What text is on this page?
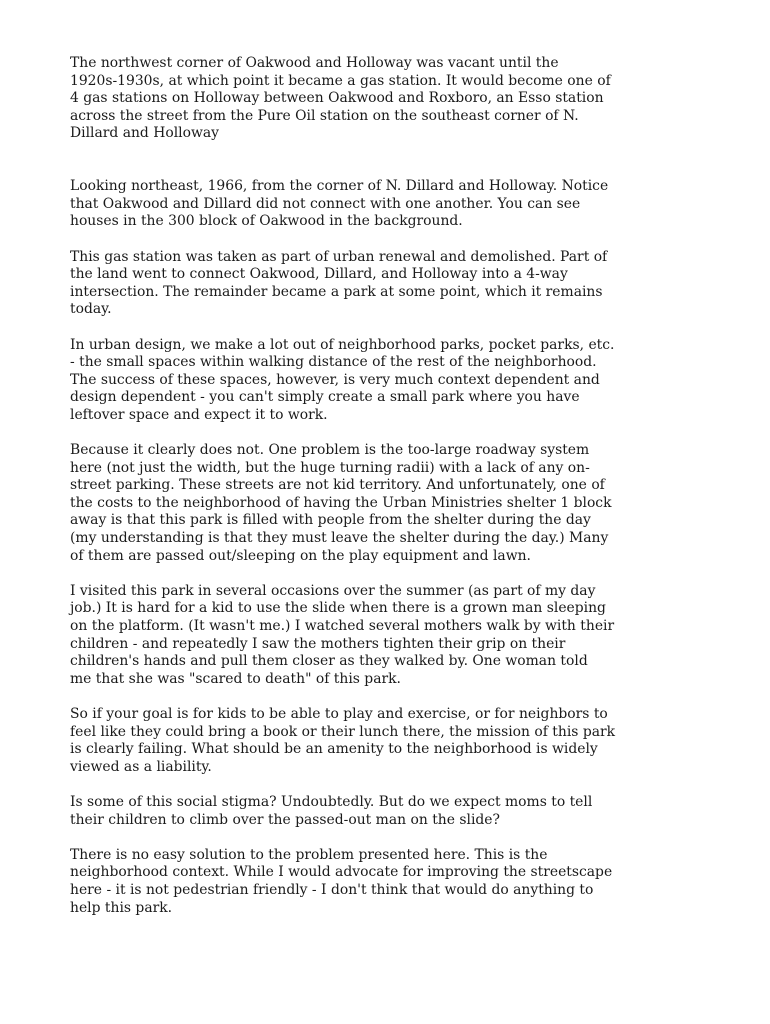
The northwest corner of Oakwood and Holloway was vacant until the
1920s-1930s, at which point it became a gas station. It would become one of
4 gas stations on Holloway between Oakwood and Roxboro, an Esso station
across the street from the Pure Oil station on the southeast corner of N.
Dillard and Holloway

Looking northeast, 1966, from the corner of N. Dillard and Holloway. Notice
that Oakwood and Dillard did not connect with one another. You can see
houses in the 300 block of Oakwood in the background.

This gas station was taken as part of urban renewal and demolished. Part of
the land went to connect Oakwood, Dillard, and Holloway into a 4-way
intersection. The remainder became a park at some point, which it remains
today.

In urban design, we make a lot out of neighborhood parks, pocket parks, etc.
- the small spaces within walking distance of the rest of the neighborhood.
The success of these spaces, however, is very much context dependent and
design dependent - you can't simply create a small park where you have
leftover space and expect it to work.

Because it clearly does not. One problem is the too-large roadway system
here (not just the width, but the huge turning radii) with a lack of any on-
street parking. These streets are not kid territory. And unfortunately, one of
the costs to the neighborhood of having the Urban Ministries shelter 1 block
away is that this park is filled with people from the shelter during the day
(my understanding is that they must leave the shelter during the day.) Many
of them are passed out/sleeping on the play equipment and lawn.

I visited this park in several occasions over the summer (as part of my day
job.) It is hard for a kid to use the slide when there is a grown man sleeping
on the platform. (It wasn't me.) I watched several mothers walk by with their
children - and repeatedly I saw the mothers tighten their grip on their
children's hands and pull them closer as they walked by. One woman told
me that she was "scared to death" of this park.

So if your goal is for kids to be able to play and exercise, or for neighbors to
feel like they could bring a book or their lunch there, the mission of this park
is clearly failing. What should be an amenity to the neighborhood is widely
viewed as a liability.

Is some of this social stigma? Undoubtedly. But do we expect moms to tell
their children to climb over the passed-out man on the slide?

There is no easy solution to the problem presented here. This is the
neighborhood context. While I would advocate for improving the streetscape
here - it is not pedestrian friendly - I don't think that would do anything to
help this park.
